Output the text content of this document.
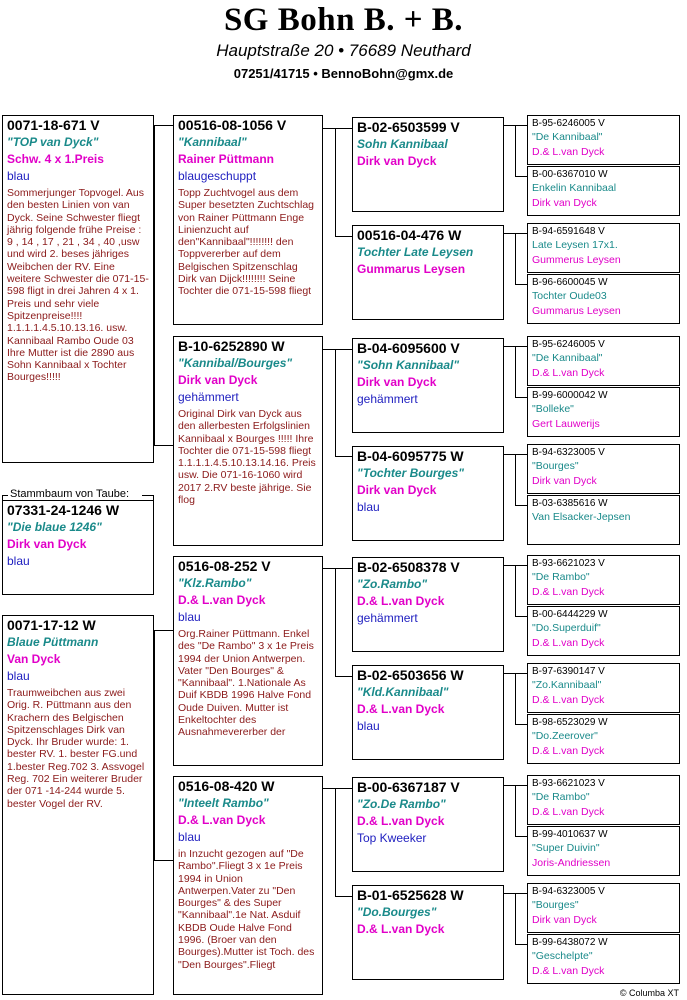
SG Bohn B. + B.
Hauptstraße 20 • 76689 Neuthard
07251/41715 • BennoBohn@gmx.de
0071-18-671 V
"TOP van Dyck"
Schw. 4 x 1.Preis
blau
Sommerjunger Topvogel. Aus den besten Linien von van Dyck. Seine Schwester fliegt jährig folgende frühe Preise : 9 , 14 , 17 , 21 , 34 , 40 ,usw und wird 2. beses jähriges Weibchen der RV. Eine weitere Schwester die 071-15-598 fligt in drei Jahren 4 x 1. Preis und sehr viele Spitzenpreise!!!! 1.1.1.1.4.5.10.13.16. usw. Kannibaal Rambo Oude 03 Ihre Mutter ist die 2890 aus Sohn Kannibaal x Tochter Bourges!!!!!
07331-24-1246 W
"Die blaue 1246"
Dirk van Dyck
blau
0071-17-12 W
Blaue Püttmann
Van Dyck
blau
Traumweibchen aus zwei Orig. R. Püttmann aus den Krachern des Belgischen Spitzenschlages Dirk van Dyck. Ihr Bruder wurde: 1. bester RV. 1. bester FG.und 1.bester Reg.702 3. Assvogel Reg. 702 Ein weiterer Bruder der 071 -14-244 wurde 5. bester Vogel der RV.
00516-08-1056 V
"Kannibaal"
Rainer Püttmann
blaugeschuppt
Topp Zuchtvogel aus dem Super besetzten Zuchtschlag von Rainer Püttmann Enge Linienzucht auf den"Kannibaal"!!!!!!!! den Toppvererber auf dem Belgischen Spitzenschlag Dirk van Dijck!!!!!!!! Seine Tochter die 071-15-598 fliegt
B-10-6252890 W
"Kannibal/Bourges"
Dirk van Dyck
gehämmert
Original Dirk van Dyck aus den allerbesten Erfolgslinien Kannibaal x Bourges !!!!! Ihre Tochter die 071-15-598 fliegt 1.1.1.1.4.5.10.13.14.16. Preis usw. Die 071-16-1060 wird 2017 2.RV beste jährige. Sie flog
0516-08-252 V
"Klz.Rambo"
D.& L.van Dyck
blau
Org.Rainer Püttmann. Enkel des "De Rambo" 3 x 1e Preis 1994 der Union Antwerpen. Vater "Den Bourges" & "Kannibaal". 1.Nationale As Duif KBDB 1996 Halve Fond Oude Duiven. Mutter ist Enkeltochter des Ausnahmevererber der
0516-08-420 W
"Inteelt Rambo"
D.& L.van Dyck
blau
in Inzucht gezogen auf "De Rambo".Fliegt 3 x 1e Preis 1994 in Union Antwerpen.Vater zu "Den Bourges" & des Super "Kannibaal".1e Nat. Asduif KBDB Oude Halve Fond 1996. (Broer van den Bourges).Mutter ist Toch. des "Den Bourges".Fliegt
B-02-6503599 V
Sohn Kannibaal
Dirk van Dyck
00516-04-476 W
Tochter Late Leysen
Gummarus Leysen
B-04-6095600 V
"Sohn Kannibaal"
Dirk van Dyck
gehämmert
B-04-6095775 W
"Tochter Bourges"
Dirk van Dyck
blau
B-02-6508378 V
"Zo.Rambo"
D.& L.van Dyck
gehämmert
B-02-6503656 W
"Kld.Kannibaal"
D.& L.van Dyck
blau
B-00-6367187 V
"Zo.De Rambo"
D.& L.van Dyck
Top Kweeker
B-01-6525628 W
"Do.Bourges"
D.& L.van Dyck
B-95-6246005 V
"De Kannibaal"
D.& L.van Dyck
B-00-6367010 W
Enkelin Kannibaal
Dirk van Dyck
B-94-6591648 V
Late Leysen 17x1.
Gummerus Leysen
B-96-6600045 W
Tochter Oude03
Gummarus Leysen
B-95-6246005 V
"De Kannibaal"
D.& L.van Dyck
B-99-6000042 W
"Bolleke"
Gert Lauwerijs
B-94-6323005 V
"Bourges"
Dirk van Dyck
B-03-6385616 W
Van Elsacker-Jepsen
B-93-6621023 V
"De Rambo"
D.& L.van Dyck
B-00-6444229 W
"Do.Superduif"
D.& L.van Dyck
B-97-6390147 V
"Zo.Kannibaal"
D.& L.van Dyck
B-98-6523029 W
"Do.Zeerover"
D.& L.van Dyck
B-93-6621023 V
"De Rambo"
D.& L.van Dyck
B-99-4010637 W
"Super Duivin"
Joris-Andriessen
B-94-6323005 V
"Bourges"
Dirk van Dyck
B-99-6438072 W
"Geschelpte"
D.& L.van Dyck
Stammbaum von Taube:
© Columba XT
